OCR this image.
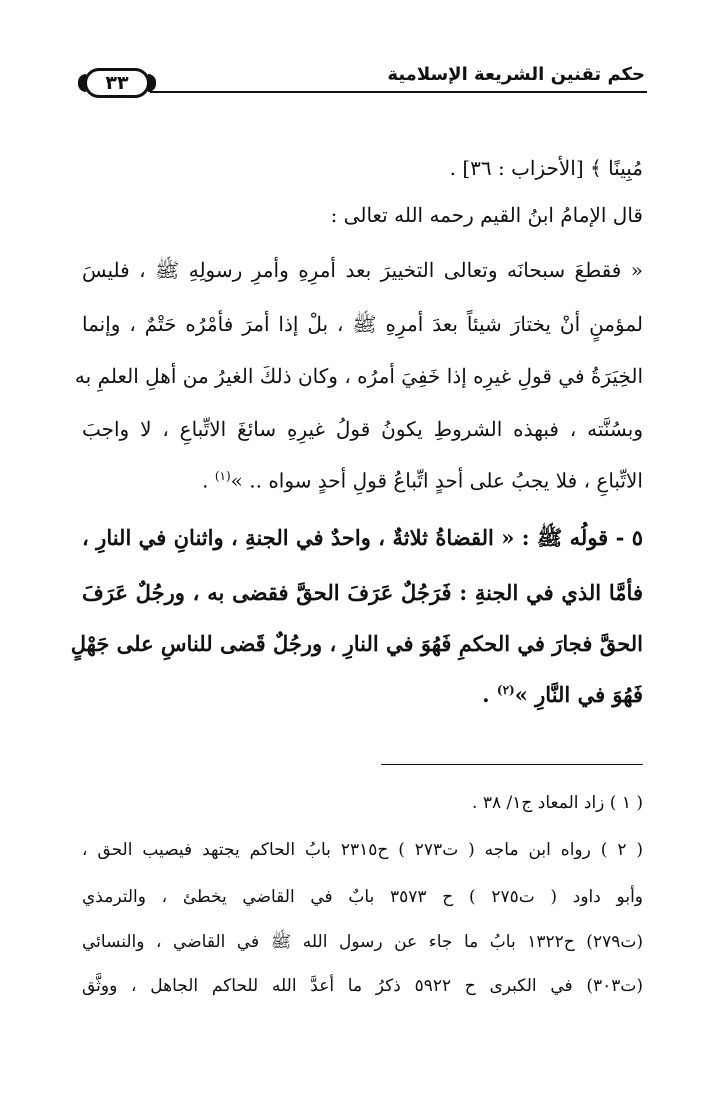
حكم تقنين الشريعة الإسلامية
٣٣
مُبِينًا ﴾ [الأحزاب : ٣٦] .
قال الإمامُ ابنُ القيم رحمه الله تعالى :
« فقطعَ سبحانَه وتعالى التخييرَ بعد أمرِهِ وأمرِ رسولِهِ ﷺ ، فليسَ
لمؤمنٍ أنْ يختارَ شيئاً بعدَ أمرِهِ ﷺ ، بلْ إذا أمرَ فأمْرُه حَتْمٌ ، وإنما
الخِيَرَةُ في قولِ غيرِه إذا خَفِيَ أمرُه ، وكان ذلكَ الغيرُ من أهلِ العلمِ به
وبسُنَّته ، فبهذه الشروطِ يكونُ قولُ غيرِهِ سائغَ الاتِّباعِ ، لا واجبَ
الاتِّباعِ ، فلا يجبُ على أحدٍ اتِّباعُ قولِ أحدٍ سواه .. »$^{(١)}$ .
٥ - قولُه ﷺ : « القضاةُ ثلاثةٌ ، واحدٌ في الجنةِ ، واثنانِ في النارِ ،
فأمَّا الذي في الجنةِ : فَرَجُلٌ عَرَفَ الحقَّ فقضى به ، ورجُلٌ عَرَفَ
الحقَّ فجارَ في الحكمِ فَهُوَ في النارِ ، ورجُلٌ قَضى للناسِ على جَهْلٍ
فَهُوَ في النَّارِ »$^{(٢)}$ .
( ١ ) زاد المعاد ج١/ ٣٨ .
( ٢ ) رواه ابن ماجه ( ت٢٧٣ ) ح٢٣١٥ بابُ الحاكم يجتهد فيصيب الحق ،
وأبو داود ( ت٢٧٥ ) ح ٣٥٧٣ بابٌ في القاضي يخطئ ، والترمذي
(ت٢٧٩) ح١٣٢٢ بابُ ما جاء عن رسول الله ﷺ في القاضي ، والنسائي
(ت٣٠٣) في الكبرى ح ٥٩٢٢ ذكرُ ما أعدَّ الله للحاكم الجاهل ، ووثَّق
